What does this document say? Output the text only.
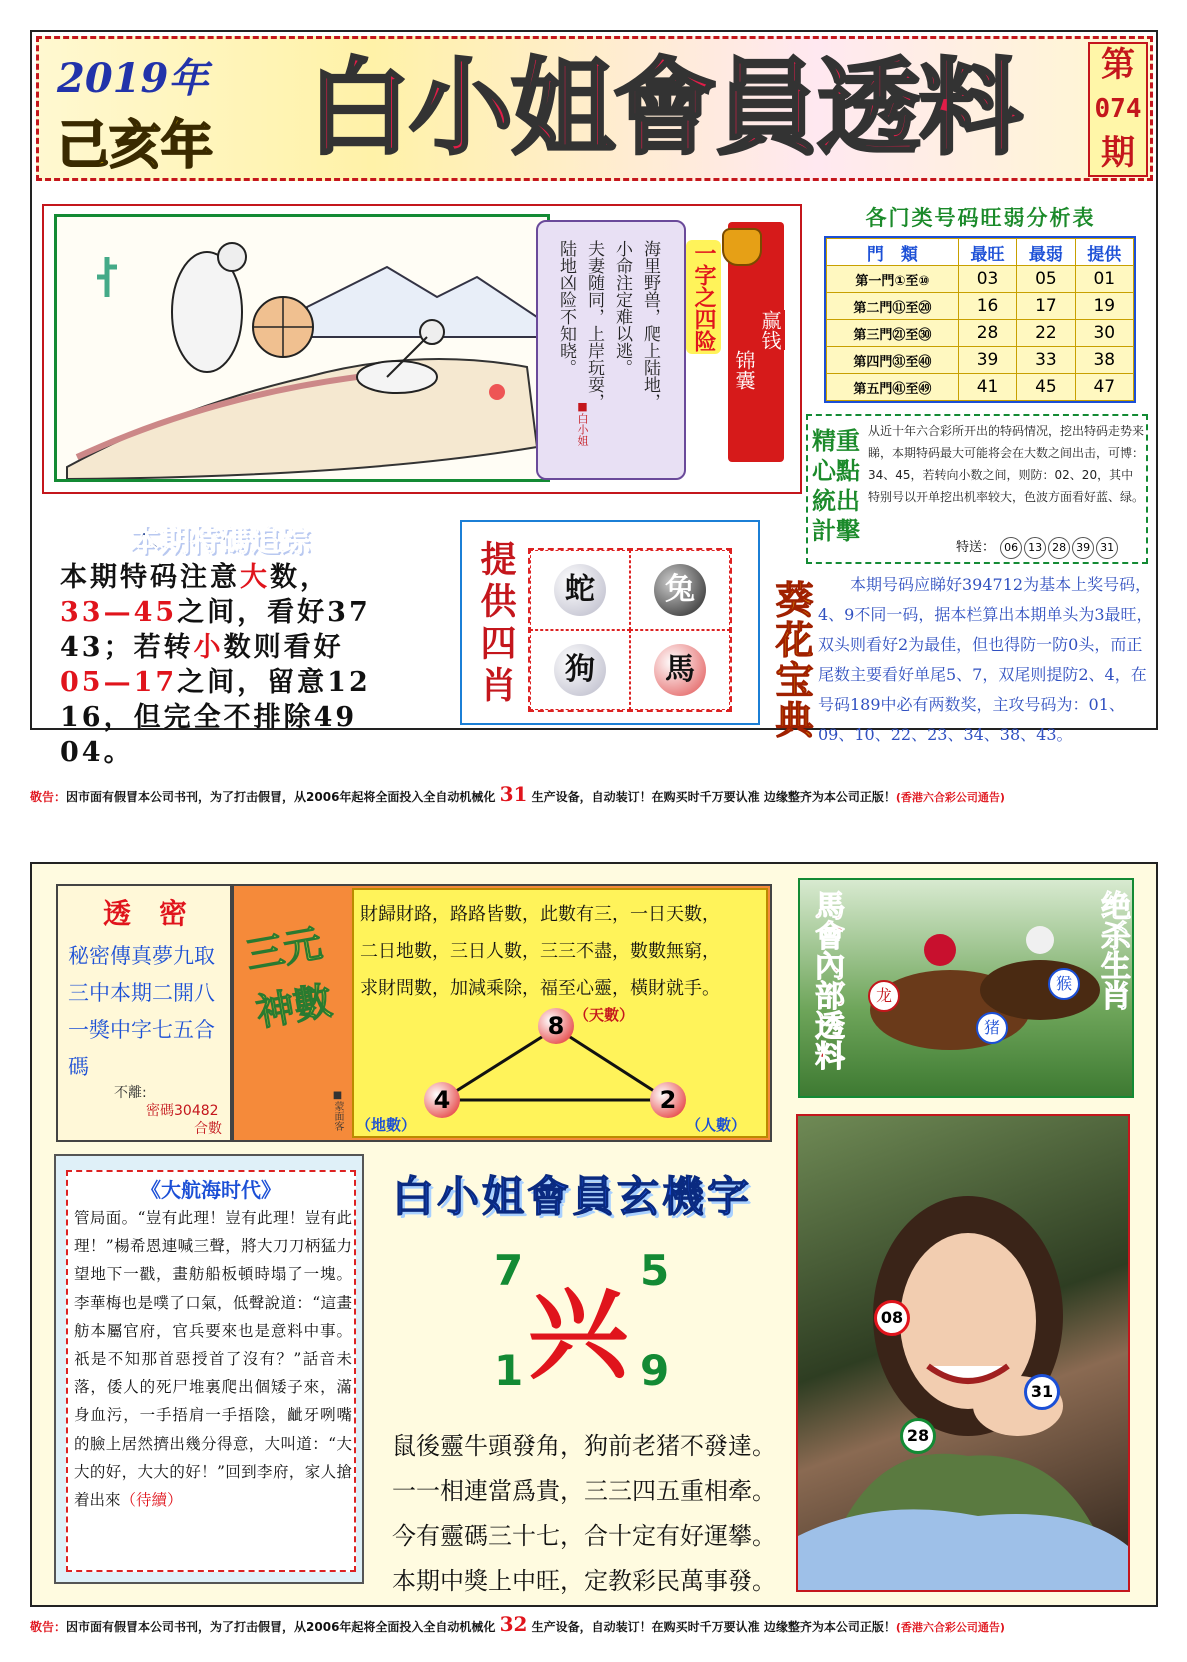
2019年
己亥年 白小姐會員透料	第
074
期
海里野兽，爬上陆地，
小命注定难以逃。
夫妻随同，上岸玩耍，
陆地凶险不知晓。	一字之四险
■白小姐
赢钱
锦囊
各门类号码旺弱分析表
門　類	最旺	最弱	提供
第一門①至⑩	03	05	01
第二門⑪至⑳	16	17	19
第三門㉑至㉚	28	22	30
第四門㉛至㊵	39	33	38
第五門㊶至㊾	41	45	47
精重心點統出計擊
从近十年六合彩所开出的特码情况，挖出特码走势来睇，本期特码最大可能将会在大数之间出击，可博：34、45，若转向小数之间，则防：02、20，其中特别号以开单挖出机率较大，色波方面看好蓝、绿。
特送： 06 13 28 39 31
本期特碼追踪
本期特码注意大数，
33—45之间，看好37
43；若转小数则看好
05—17之间，留意12
16，但完全不排除49
04。
提供四肖	蛇	兔
狗	馬 葵花宝典	本期号码应睇好394712为基本上奖号码，4、9不同一码，据本栏算出本期单头为3最旺，双头则看好2为最佳，但也得防一防0头，而正尾数主要看好单尾5、7，双尾则提防2、4，在号码189中必有两数奖，主攻号码为：01、09、10、22、23、34、38、43。
敬告：因市面有假冒本公司书刊，为了打击假冒，从2006年起将全面投入全自动机械化 31 生产设备，自动装订！在购买时千万要认准 边缘整齐为本公司正版！(香港六合彩公司通告)
透　密
秘密傳真夢九取
三中本期二開八
一獎中字七五合
碼
不離:
密碼30482
合數
三元神數
■蒙面客
財歸財路，路路皆數，此數有三，一日天數，
二日地數，三日人數，三三不盡，數數無窮，
求財問數，加減乘除，福至心靈，橫財就手。
8 （天數）
4
（地數）
2
（人數）
馬會內部透料	绝杀生肖
龙
猪
猴
《大航海时代》
管局面。“豈有此理！豈有此理！豈有此理！”楊希恩連喊三聲，將大刀刀柄猛力望地下一戳，畫舫船板頓時塌了一塊。李華梅也是噗了口氣，低聲說道：“這畫舫本屬官府，官兵要來也是意料中事。祇是不知那首惡授首了沒有？”話音未落，倭人的死尸堆裏爬出個矮子來，滿身血污，一手捂肩一手捂陰，齜牙咧嘴的臉上居然擠出幾分得意，大叫道：“大大的好，大大的好！”回到李府，家人搶着出來（待續）
白小姐會員玄機字
7	5
兴
1	9
鼠後靈牛頭發角，狗前老猪不發達。
一一相連當爲貴，三三四五重相牽。
今有靈碼三十七，合十定有好運攀。
本期中獎上中旺，定教彩民萬事發。
08
31
28
敬告：因市面有假冒本公司书刊，为了打击假冒，从2006年起将全面投入全自动机械化 32 生产设备，自动装订！在购买时千万要认准 边缘整齐为本公司正版！(香港六合彩公司通告)
